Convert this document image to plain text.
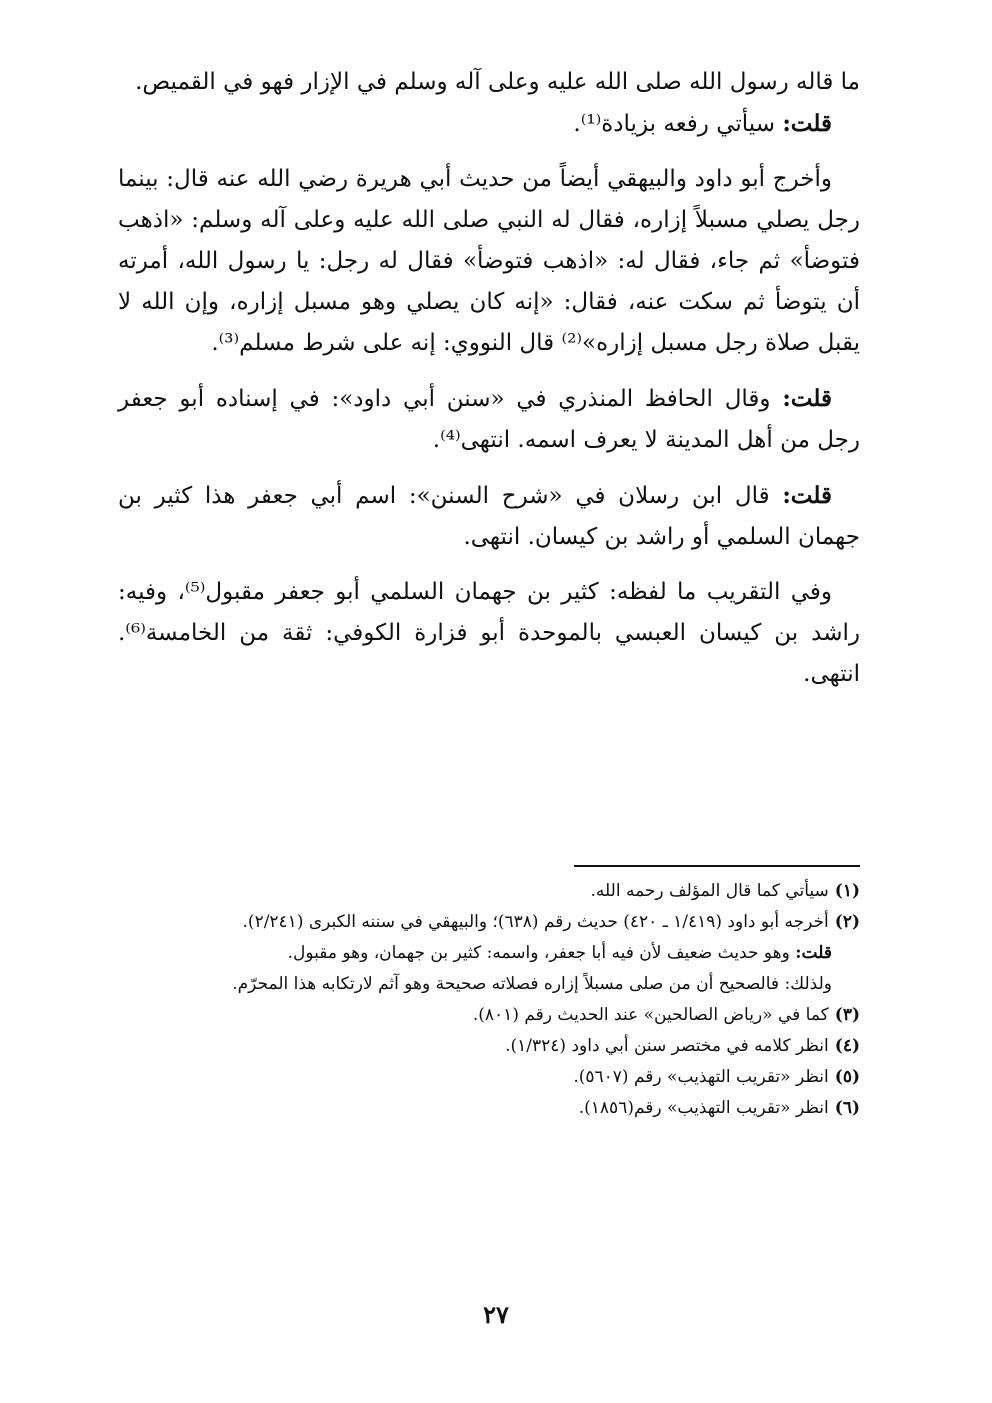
ما قاله رسول الله صلى الله عليه وعلى آله وسلم في الإزار فهو في القميص.

قلت: سيأتي رفعه بزيادة⁽¹⁾.

وأخرج أبو داود والبيهقي أيضاً من حديث أبي هريرة رضي الله عنه قال: بينما رجل يصلي مسبلاً إزاره، فقال له النبي صلى الله عليه وعلى آله وسلم: «اذهب فتوضأ» ثم جاء، فقال له: «اذهب فتوضأ» فقال له رجل: يا رسول الله، أمرته أن يتوضأ ثم سكت عنه، فقال: «إنه كان يصلي وهو مسبل إزاره، وإن الله لا يقبل صلاة رجل مسبل إزاره»⁽²⁾ قال النووي: إنه على شرط مسلم⁽³⁾.

قلت: وقال الحافظ المنذري في «سنن أبي داود»: في إسناده أبو جعفر رجل من أهل المدينة لا يعرف اسمه. انتهى⁽⁴⁾.

قلت: قال ابن رسلان في «شرح السنن»: اسم أبي جعفر هذا كثير بن جهمان السلمي أو راشد بن كيسان. انتهى.

وفي التقريب ما لفظه: كثير بن جهمان السلمي أبو جعفر مقبول⁽⁵⁾، وفيه: راشد بن كيسان العبسي بالموحدة أبو فزارة الكوفي: ثقة من الخامسة⁽⁶⁾. انتهى.

(١)سيأتي كما قال المؤلف رحمه الله.

(٢)أخرجه أبو داود (١/٤١٩ ـ ٤٢٠) حديث رقم (٦٣٨)؛ والبيهقي في سننه الكبرى (٢/٢٤١).

قلت: وهو حديث ضعيف لأن فيه أبا جعفر، واسمه: كثير بن جهمان، وهو مقبول.

ولذلك: فالصحيح أن من صلى مسبلاً إزاره فصلاته صحيحة وهو آثم لارتكابه هذا المحرّم.

(٣)كما في «رياض الصالحين» عند الحديث رقم (٨٠١).

(٤)انظر كلامه في مختصر سنن أبي داود (١/٣٢٤).

(٥)انظر «تقريب التهذيب» رقم (٥٦٠٧).

(٦)انظر «تقريب التهذيب» رقم(١٨٥٦).

٢٧
